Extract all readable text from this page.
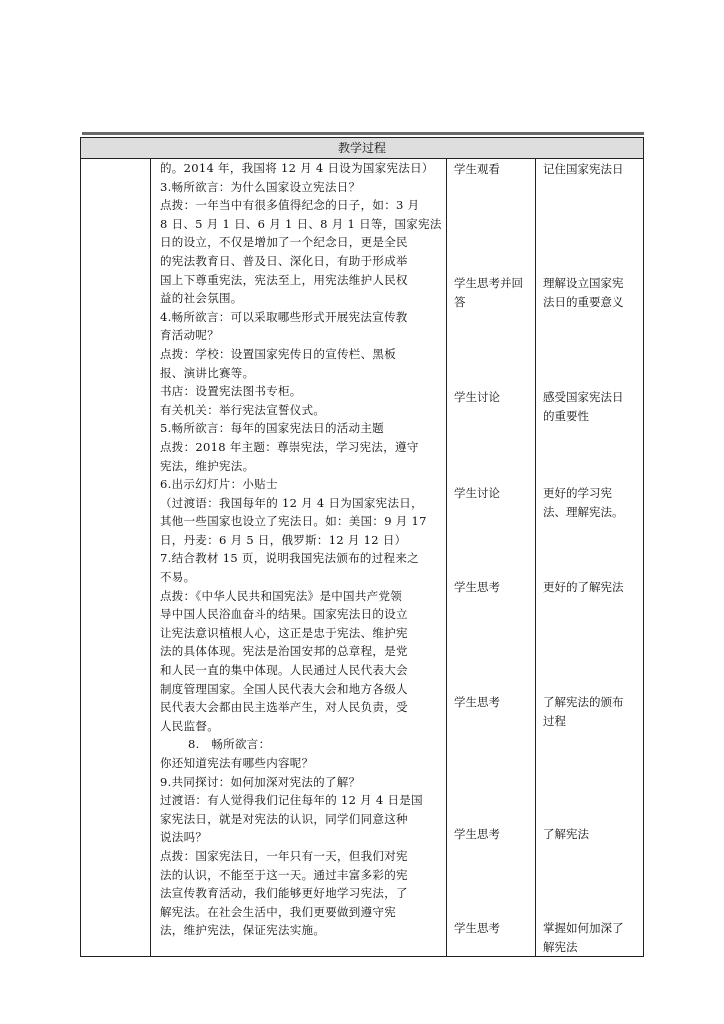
教学过程
的。2014 年，我国将 12 月 4 日设为国家宪法日）
3.畅所欲言：为什么国家设立宪法日？
点拨：一年当中有很多值得纪念的日子，如：3 月
8 日、5 月 1 日、6 月 1 日、8 月 1 日等，国家宪法
日的设立，不仅是增加了一个纪念日，更是全民
的宪法教育日、普及日、深化日，有助于形成举
国上下尊重宪法，宪法至上，用宪法维护人民权
益的社会氛围。
4.畅所欲言：可以采取哪些形式开展宪法宣传教
育活动呢？
点拨：学校：设置国家宪传日的宣传栏、黑板
报、演讲比赛等。
书店：设置宪法图书专柜。
有关机关：举行宪法宣誓仪式。
5.畅所欲言：每年的国家宪法日的活动主题
点拨：2018 年主题：尊崇宪法，学习宪法，遵守
宪法，维护宪法。
6.出示幻灯片：小贴士
（过渡语：我国每年的 12 月 4 日为国家宪法日，
其他一些国家也设立了宪法日。如：美国：9 月 17
日，丹麦：6 月 5 日，俄罗斯：12 月 12 日）
7.结合教材 15 页，说明我国宪法颁布的过程来之
不易。
点拨：《中华人民共和国宪法》是中国共产党领
导中国人民浴血奋斗的结果。国家宪法日的设立
让宪法意识植根人心，这正是忠于宪法、维护宪
法的具体体现。宪法是治国安邦的总章程，是党
和人民一直的集中体现。人民通过人民代表大会
制度管理国家。全国人民代表大会和地方各级人
民代表大会都由民主选举产生，对人民负责，受
人民监督。
8.　畅所欲言：
你还知道宪法有哪些内容呢？
9.共同探讨：如何加深对宪法的了解？
过渡语：有人觉得我们记住每年的 12 月 4 日是国
家宪法日，就是对宪法的认识，同学们同意这种
说法吗？
点拨：国家宪法日，一年只有一天，但我们对宪
法的认识，不能至于这一天。通过丰富多彩的宪
法宣传教育活动，我们能够更好地学习宪法，了
解宪法。在社会生活中，我们更要做到遵守宪
法，维护宪法，保证宪法实施。
学生观看
学生思考并回
答
学生讨论
学生讨论
学生思考
学生思考
学生思考
学生思考
记住国家宪法日
理解设立国家宪
法日的重要意义
感受国家宪法日
的重要性
更好的学习宪
法、理解宪法。
更好的了解宪法
了解宪法的颁布
过程
了解宪法
掌握如何加深了
解宪法
